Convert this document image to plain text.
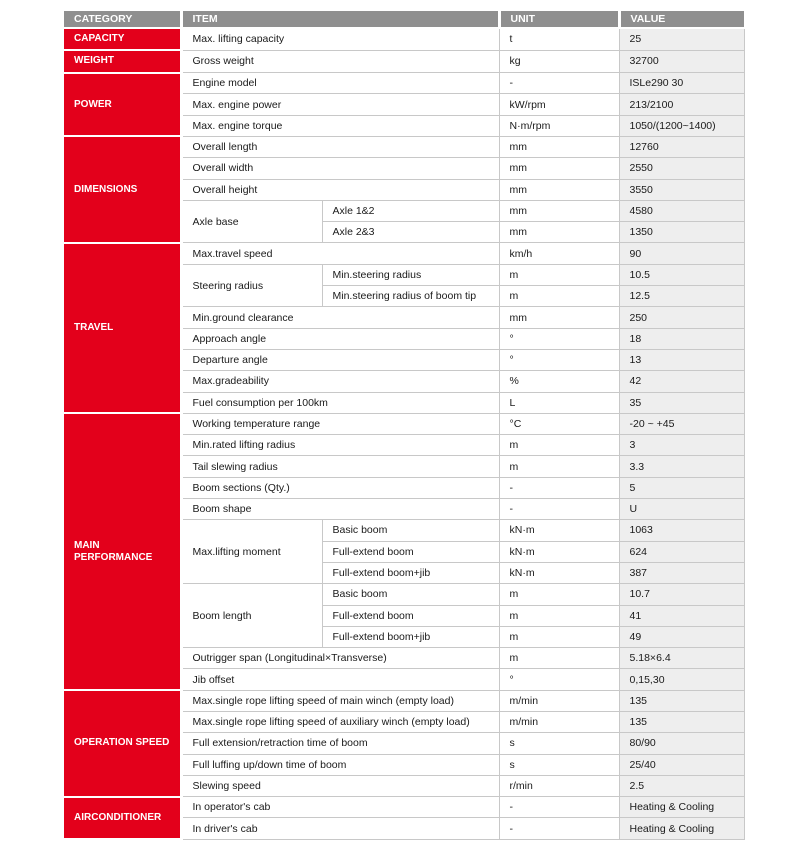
CATEGORY	ITEM		UNIT	VALUE
CAPACITY	Max. lifting capacity		t	25
WEIGHT	Gross weight		kg	32700
POWER	Engine model		-	ISLe290 30
	Max. engine power		kW/rpm	213/2100
	Max. engine torque		N·m/rpm	1050/(1200~1400)
DIMENSIONS	Overall length		mm	12760
	Overall width		mm	2550
	Overall height		mm	3550
	Axle base	Axle 1&2	mm	4580
		Axle 2&3	mm	1350
TRAVEL	Max.travel speed		km/h	90
	Steering radius	Min.steering radius	m	10.5
		Min.steering radius of boom tip	m	12.5
	Min.ground clearance		mm	250
	Approach angle		°	18
	Departure angle		°	13
	Max.gradeability		%	42
	Fuel consumption per 100km		L	35
MAIN PERFORMANCE	Working temperature range		°C	-20 ~ +45
	Min.rated lifting radius		m	3
	Tail slewing radius		m	3.3
	Boom sections (Qty.)		-	5
	Boom shape		-	U
	Max.lifting moment	Basic boom	kN·m	1063
		Full-extend boom	kN·m	624
		Full-extend boom+jib	kN·m	387
	Boom length	Basic boom	m	10.7
		Full-extend boom	m	41
		Full-extend boom+jib	m	49
	Outrigger span (Longitudinal×Transverse)		m	5.18×6.4
	Jib offset		°	0,15,30
OPERATION SPEED	Max.single rope lifting speed of main winch (empty load)		m/min	135
	Max.single rope lifting speed of auxiliary winch (empty load)		m/min	135
	Full extension/retraction time of boom		s	80/90
	Full luffing up/down time of boom		s	25/40
	Slewing speed		r/min	2.5
AIRCONDITIONER	In operator's cab		-	Heating & Cooling
	In driver's cab		-	Heating & Cooling
